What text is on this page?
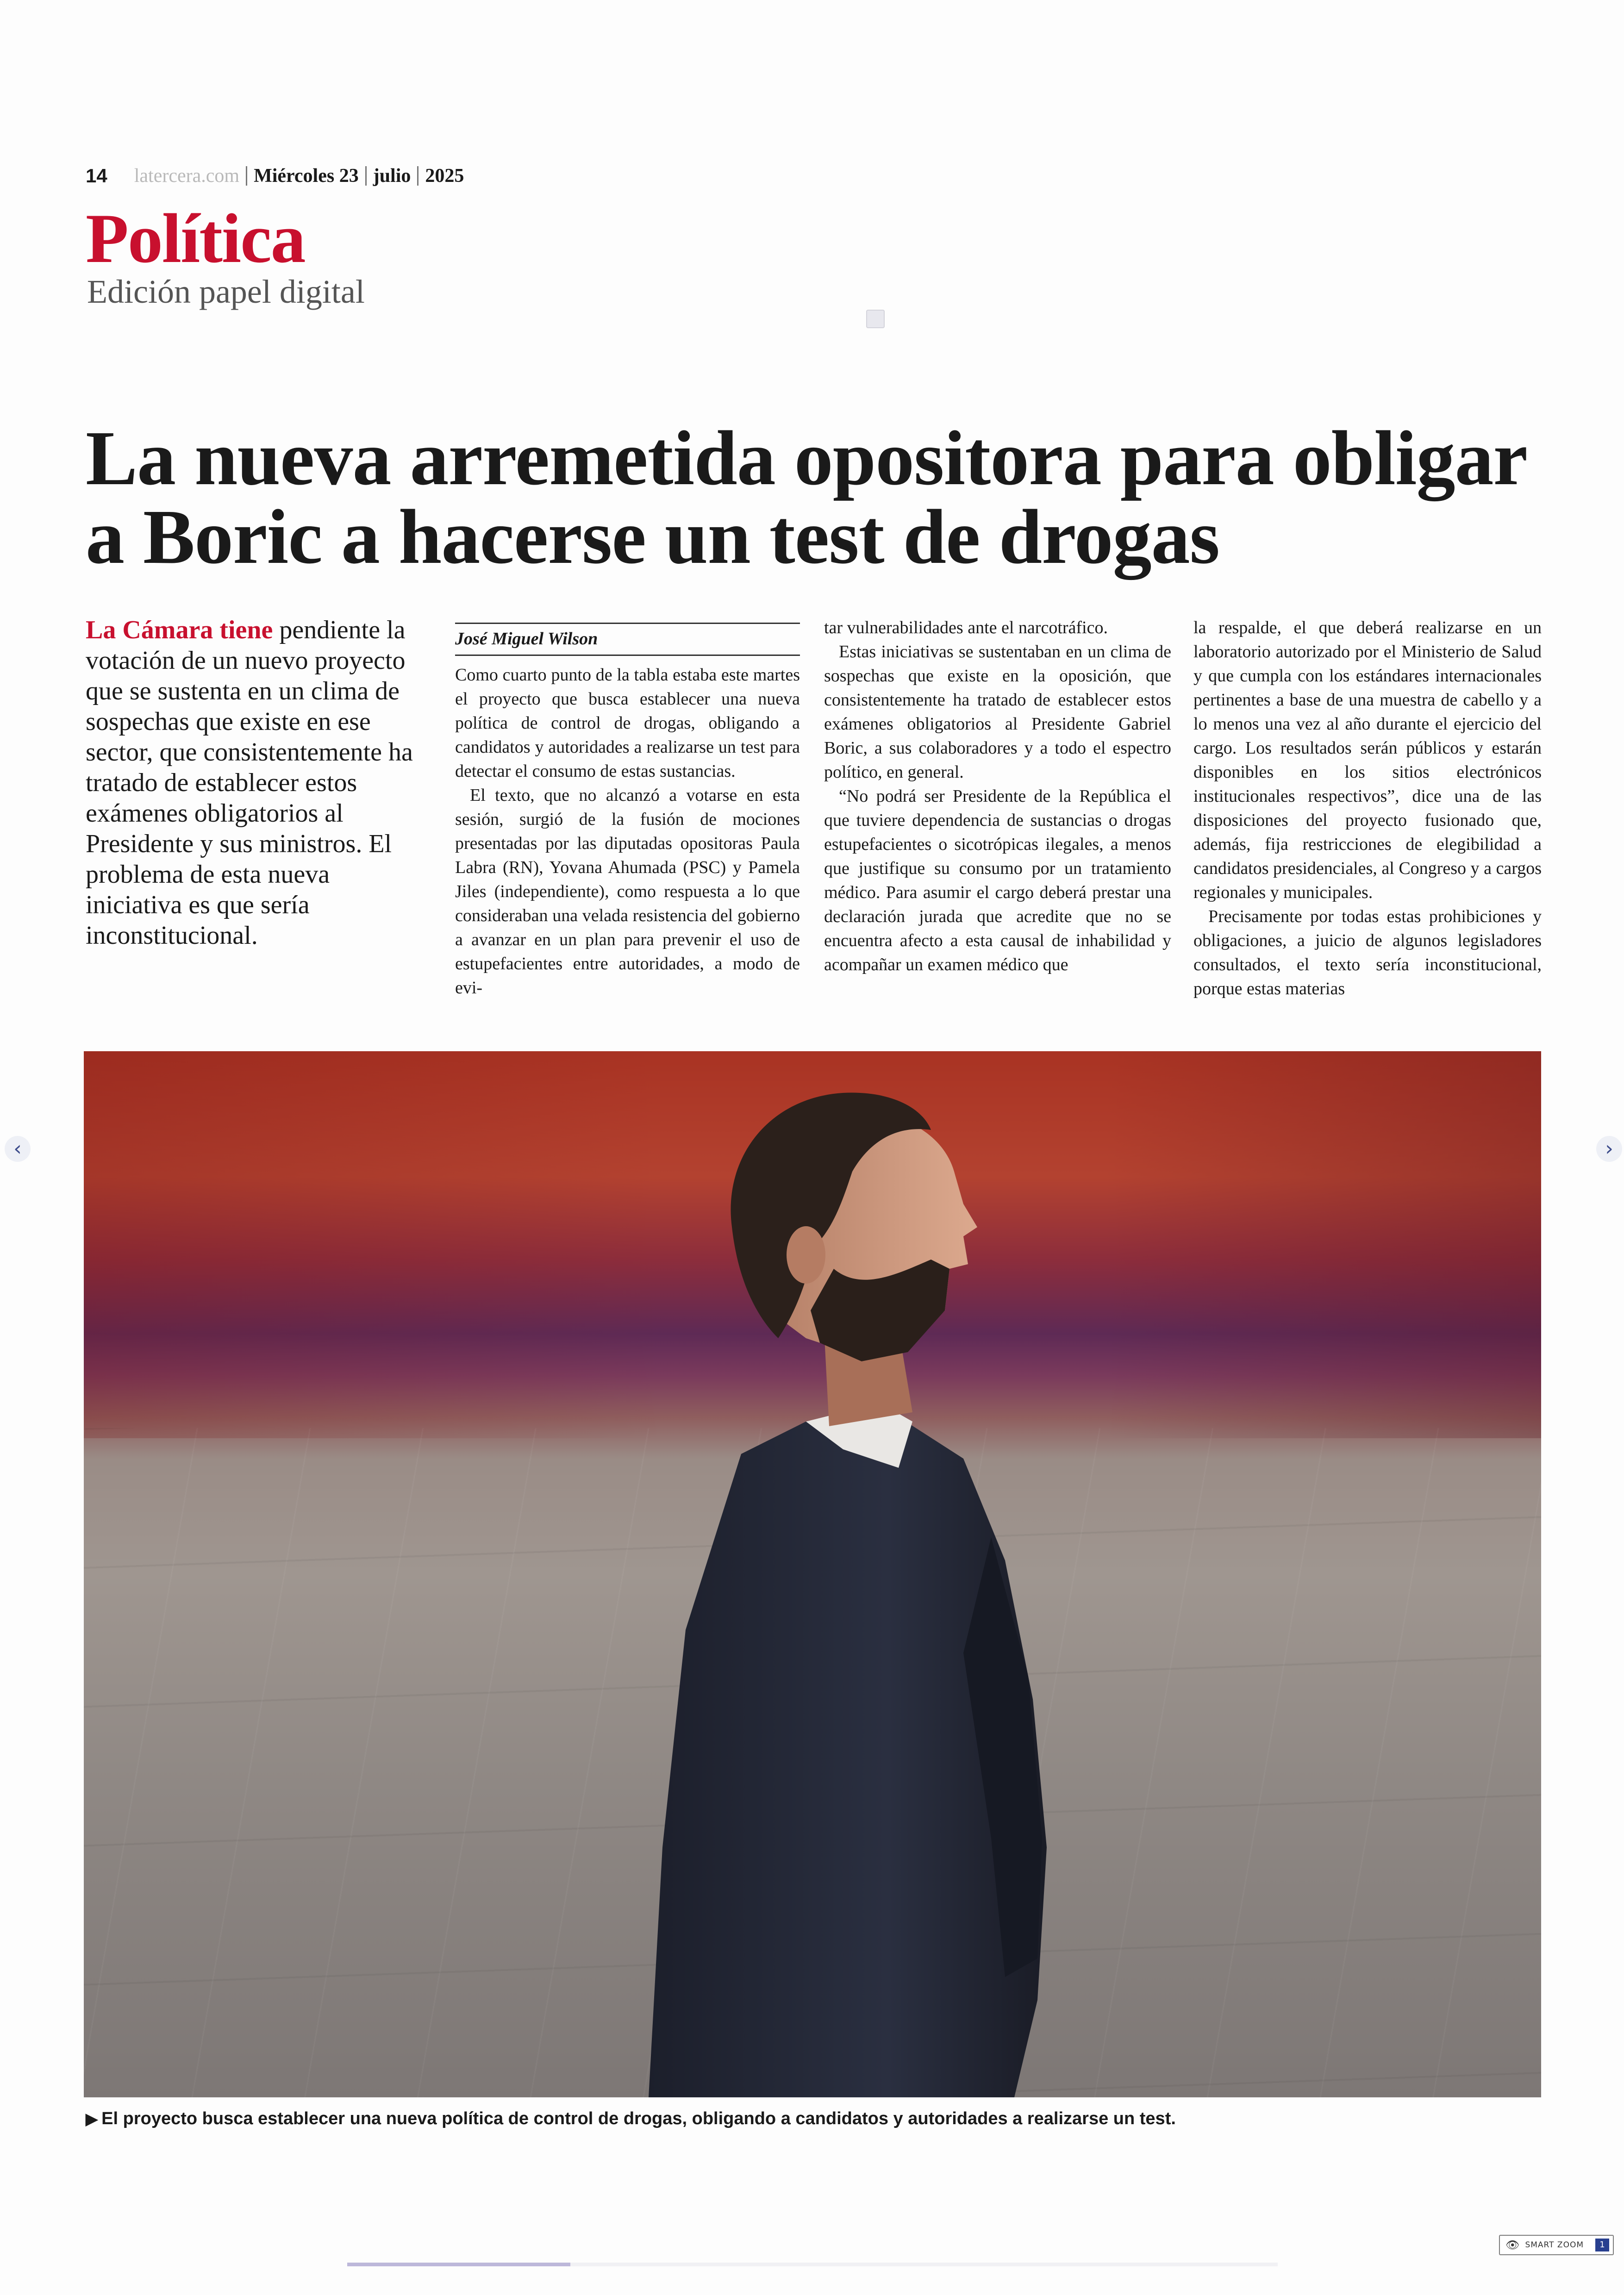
14 latercera.com Miércoles 23 julio 2025
Política
Edición papel digital
La nueva arremetida opositora para obligar a Boric a hacerse un test de drogas
La Cámara tiene pendiente la votación de un nuevo proyecto que se sustenta en un clima de sospechas que existe en ese sector, que consistentemente ha tratado de establecer estos exámenes obligatorios al Presidente y sus ministros. El problema de esta nueva iniciativa es que sería inconstitucional.
José Miguel Wilson

Como cuarto punto de la tabla estaba este martes el proyecto que busca establecer una nueva política de control de drogas, obligando a candidatos y autoridades a realizarse un test para detectar el consumo de estas sustancias.

El texto, que no alcanzó a votarse en esta sesión, surgió de la fusión de mociones presentadas por las diputadas opositoras Paula Labra (RN), Yovana Ahumada (PSC) y Pamela Jiles (independiente), como respuesta a lo que consideraban una velada resistencia del gobierno a avanzar en un plan para prevenir el uso de estupefacientes entre autoridades, a modo de evi-

tar vulnerabilidades ante el narcotráfico.

Estas iniciativas se sustentaban en un clima de sospechas que existe en la oposición, que consistentemente ha tratado de establecer estos exámenes obligatorios al Presidente Gabriel Boric, a sus colaboradores y a todo el espectro político, en general.

“No podrá ser Presidente de la República el que tuviere dependencia de sustancias o drogas estupefacientes o sicotrópicas ilegales, a menos que justifique su consumo por un tratamiento médico. Para asumir el cargo deberá prestar una declaración jurada que acredite que no se encuentra afecto a esta causal de inhabilidad y acompañar un examen médico que

la respalde, el que deberá realizarse en un laboratorio autorizado por el Ministerio de Salud y que cumpla con los estándares internacionales pertinentes a base de una muestra de cabello y a lo menos una vez al año durante el ejercicio del cargo. Los resultados serán públicos y estarán disponibles en los sitios electrónicos institucionales respectivos”, dice una de las disposiciones del proyecto fusionado que, además, fija restricciones de elegibilidad a candidatos presidenciales, al Congreso y a cargos regionales y municipales.

Precisamente por todas estas prohibiciones y obligaciones, a juicio de algunos legisladores consultados, el texto sería inconstitucional, porque estas materias

▶ El proyecto busca establecer una nueva política de control de drogas, obligando a candidatos y autoridades a realizarse un test.
‹	›
👁 SMART ZOOM	1
